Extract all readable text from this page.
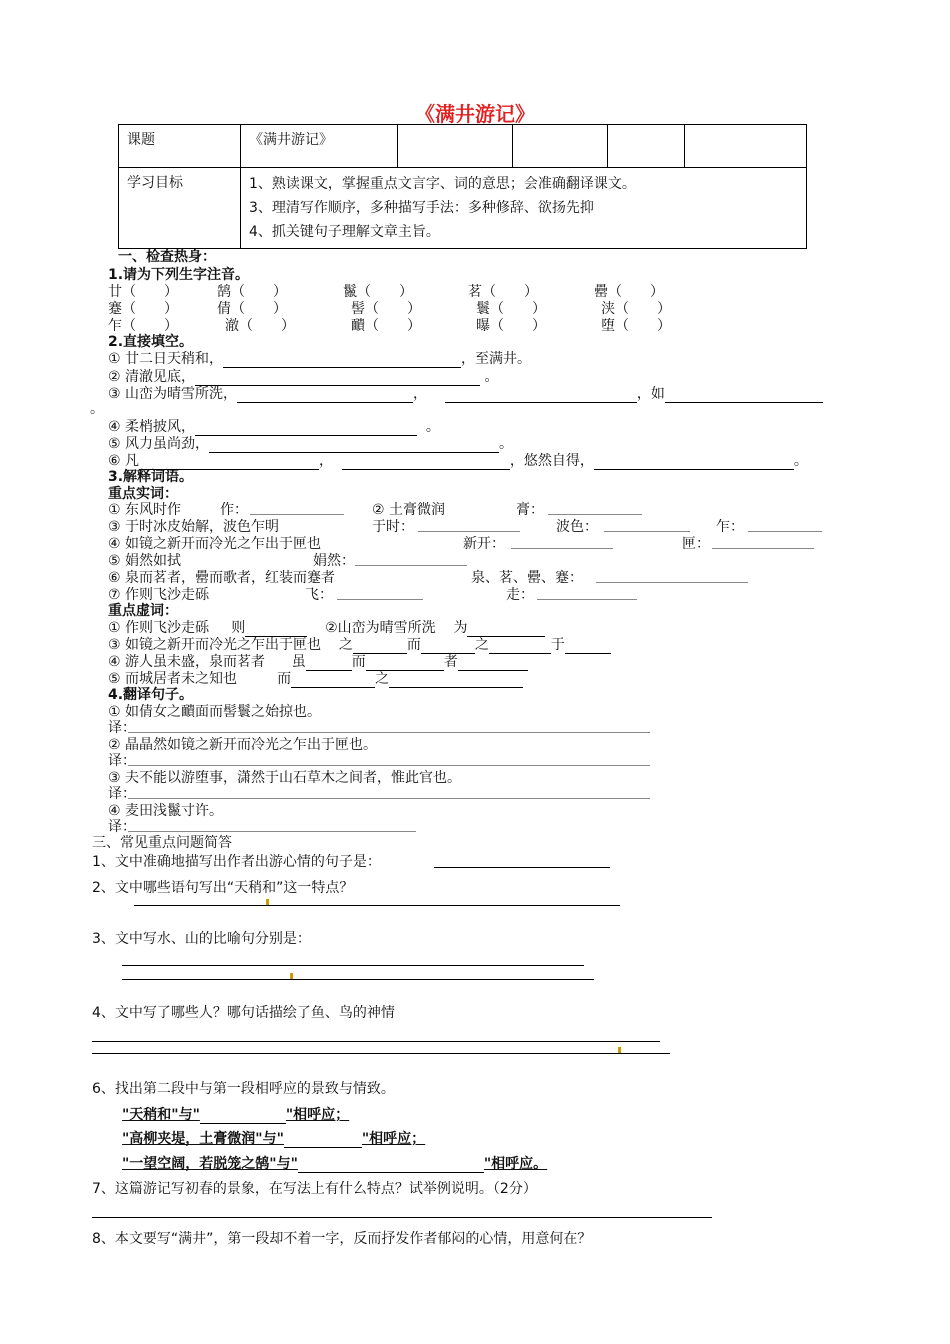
《满井游记》
课题	《满井游记》				
学习目标	1、熟读课文，掌握重点文言字、词的意思；会准确翻译课文。
3、理清写作顺序，多种描写手法：多种修辞、欲扬先抑
4、抓关键句子理解文章主旨。				
一、检查热身：
1.请为下列生字注音。
廿（　　）	鹄（　　）	鬣（　　）	茗（　　）	罍（　　）
蹇（　　）	倩（　　）	髻（　　）	鬟（　　）	浃（　　）
乍（　　）	澈（　　）	靧（　　）	曝（　　）	堕（　　）
2.直接填空。
① 廿二日天稍和，	，至满井。
② 清澈见底，	。
③ 山峦为晴雪所洗，	，	，如
。
④ 柔梢披风，	。
⑤ 风力虽尚劲，	。
⑥ 凡	，	，悠然自得，	。
3.解释词语。
重点实词：
① 东风时作	作：	② 土膏微润	膏：
③ 于时冰皮始解，波色乍明	于时：	波色：	乍：
④ 如镜之新开而冷光之乍出于匣也	新开：	匣：
⑤ 娟然如拭	娟然：
⑥ 泉而茗者，罍而歌者，红装而蹇者	泉、茗、罍、蹇：
⑦ 作则飞沙走砾	飞：	走：
重点虚词：
① 作则飞沙走砾 则	②山峦为晴雪所洗 为
③ 如镜之新开而冷光之乍出于匣也 之	而	之	于
④ 游人虽未盛，泉而茗者 虽	而	者
⑤ 而城居者未之知也	而	之
4.翻译句子。
① 如倩女之靧面而髻鬟之始掠也。
译：
② 晶晶然如镜之新开而冷光之乍出于匣也。
译：
③ 夫不能以游堕事，潇然于山石草木之间者，惟此官也。
译：
④ 麦田浅鬣寸许。
译：
三、常见重点问题简答
1、文中准确地描写出作者出游心情的句子是：
2、文中哪些语句写出“天稍和”这一特点？
3、文中写水、山的比喻句分别是：
4、文中写了哪些人？哪句话描绘了鱼、鸟的神情
6、找出第二段中与第一段相呼应的景致与情致。
"天稍和"与"	"相呼应；
"高柳夹堤，土膏微润"与"	"相呼应；
"一望空阔，若脱笼之鹄"与"	"相呼应。
7、这篇游记写初春的景象，在写法上有什么特点？试举例说明。（2分）
8、本文要写“满井”，第一段却不着一字，反而抒发作者郁闷的心情，用意何在？
